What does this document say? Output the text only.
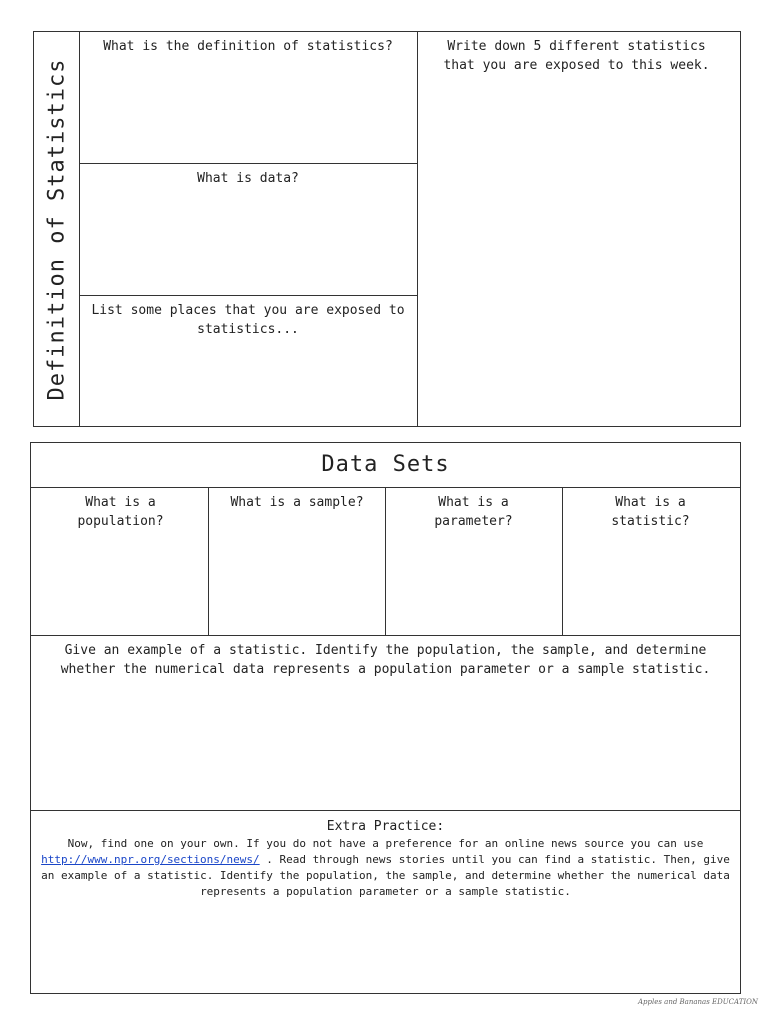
Definition of Statistics
What is the definition of statistics?
What is data?
List some places that you are exposed to statistics...
Write down 5 different statistics that you are exposed to this week.
Data Sets
What is a population?
What is a sample?	What is a parameter?
What is a statistic?
Give an example of a statistic. Identify the population, the sample, and determine whether the numerical data represents a population parameter or a sample statistic.
Extra Practice:
Now, find one on your own. If you do not have a preference for an online news source you can use http://www.npr.org/sections/news/ . Read through news stories until you can find a statistic. Then, give an example of a statistic. Identify the population, the sample, and determine whether the numerical data represents a population parameter or a sample statistic.
Apples and Bananas EDUCATION
